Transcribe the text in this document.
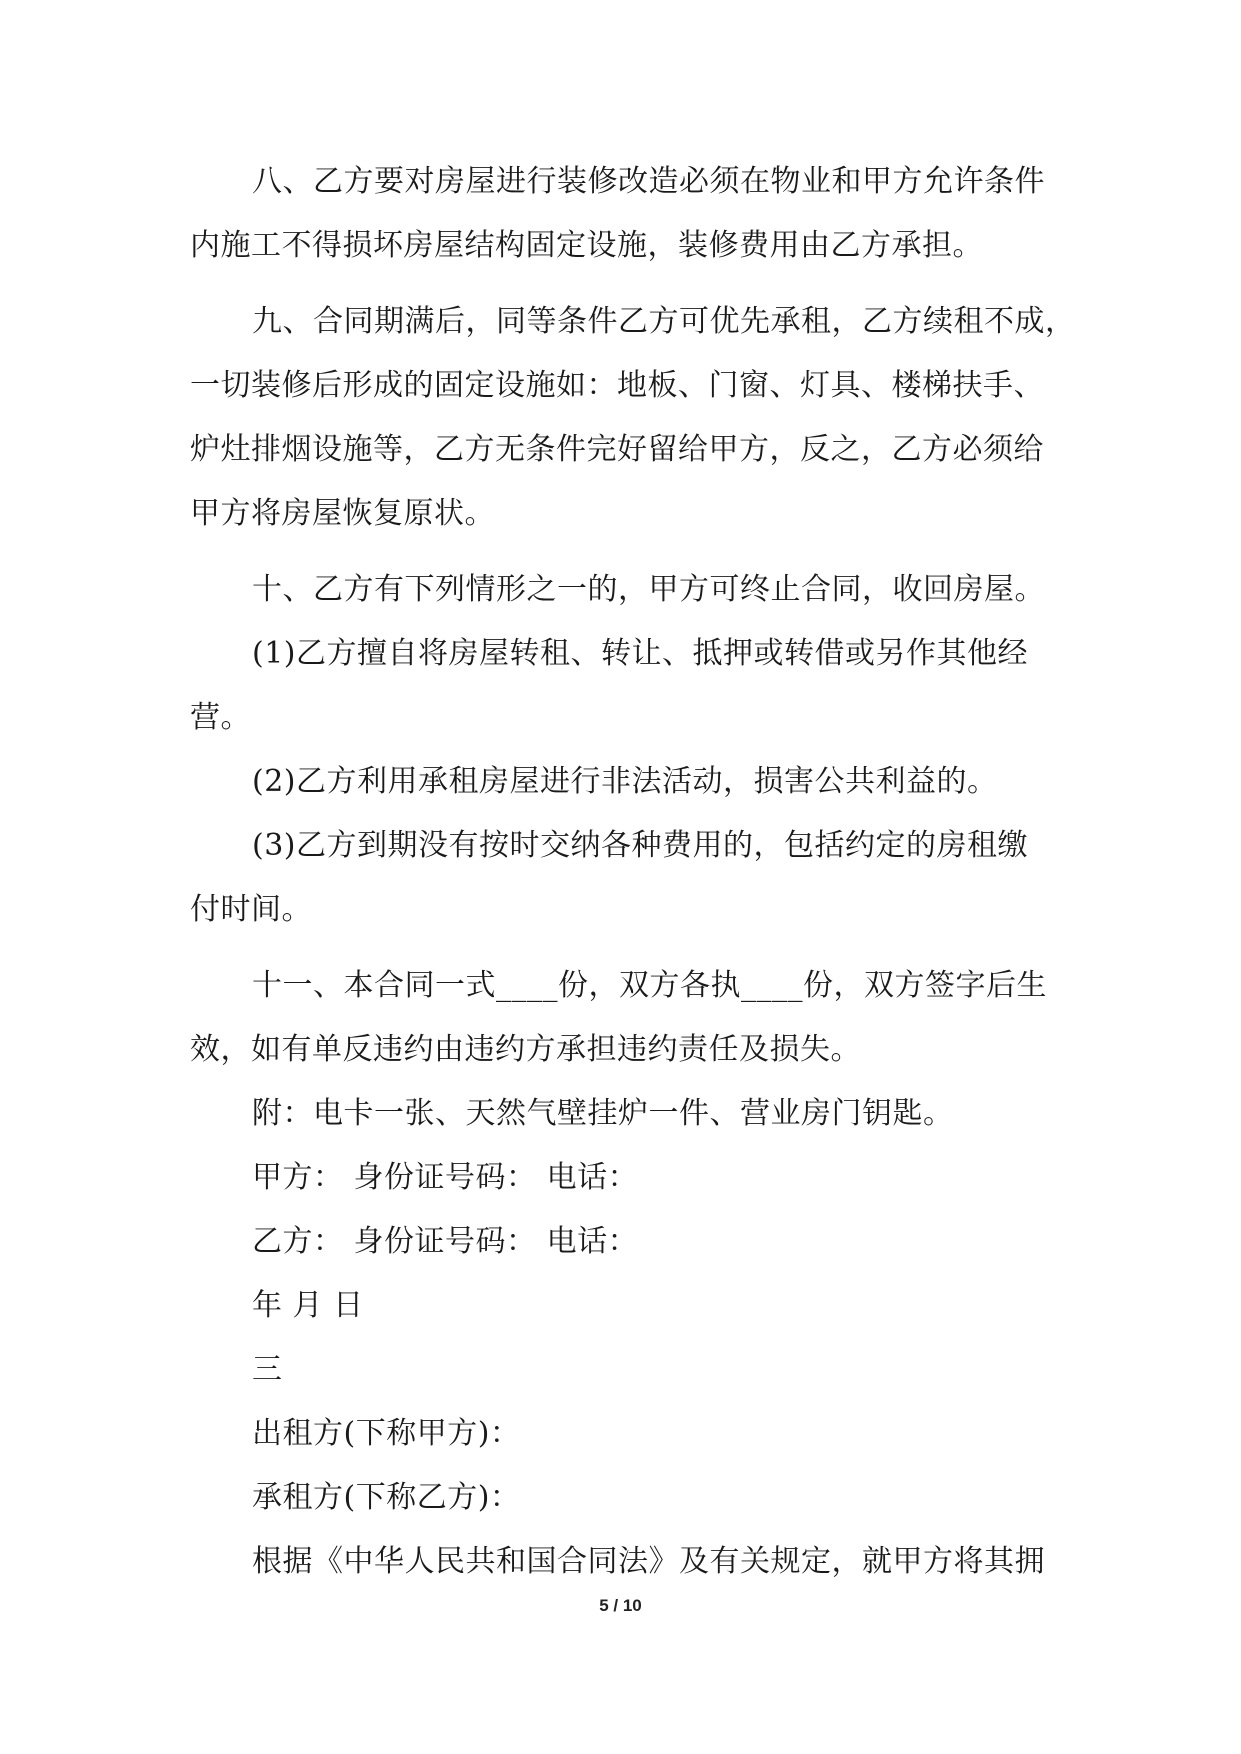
八、乙方要对房屋进行装修改造必须在物业和甲方允许条件
内施工不得损坏房屋结构固定设施，装修费用由乙方承担。
九、合同期满后，同等条件乙方可优先承租，乙方续租不成，
一切装修后形成的固定设施如：地板、门窗、灯具、楼梯扶手、
炉灶排烟设施等，乙方无条件完好留给甲方，反之，乙方必须给
甲方将房屋恢复原状。
十、乙方有下列情形之一的，甲方可终止合同，收回房屋。
(1)乙方擅自将房屋转租、转让、抵押或转借或另作其他经
营。
(2)乙方利用承租房屋进行非法活动，损害公共利益的。
(3)乙方到期没有按时交纳各种费用的，包括约定的房租缴
付时间。
十一、本合同一式____份，双方各执____份，双方签字后生
效，如有单反违约由违约方承担违约责任及损失。
附：电卡一张、天然气壁挂炉一件、营业房门钥匙。
甲方： 身份证号码： 电话：
乙方： 身份证号码： 电话：
年 月 日
三
出租方(下称甲方)：
承租方(下称乙方)：
根据《中华人民共和国合同法》及有关规定，就甲方将其拥
5 / 10
